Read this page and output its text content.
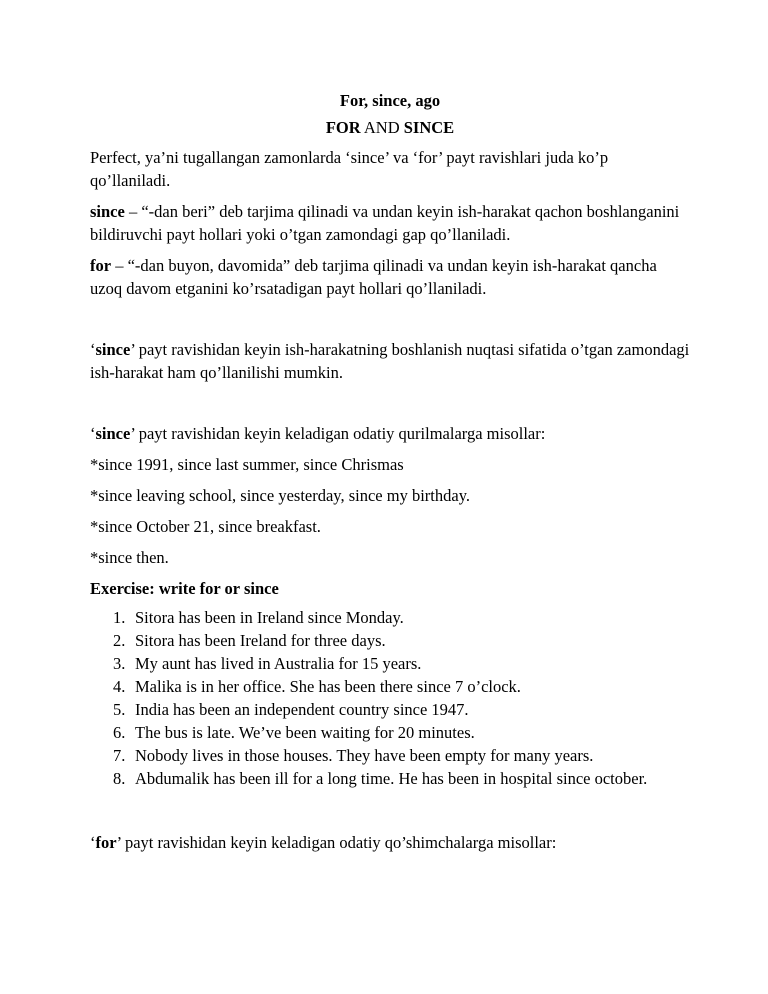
For, since, ago

FOR AND SINCE

Perfect, ya’ni tugallangan zamonlarda ‘since’ va ‘for’ payt ravishlari juda ko’p qo’llaniladi.

since – “-dan beri” deb tarjima qilinadi va undan keyin ish-harakat qachon boshlanganini bildiruvchi payt hollari yoki o’tgan zamondagi gap qo’llaniladi.

for – “-dan buyon, davomida” deb tarjima qilinadi va undan keyin ish-harakat qancha uzoq davom etganini ko’rsatadigan payt hollari qo’llaniladi.

‘since’ payt ravishidan keyin ish-harakatning boshlanish nuqtasi sifatida o’tgan zamondagi ish-harakat ham qo’llanilishi mumkin.

‘since’ payt ravishidan keyin keladigan odatiy qurilmalarga misollar:

*since 1991, since last summer, since Chrismas

*since leaving school, since yesterday, since my birthday.

*since October 21, since breakfast.

*since then.

Exercise: write for or since

1. Sitora has been in Ireland since Monday.
2. Sitora has been Ireland for three days.
3. My aunt has lived in Australia for 15 years.
4. Malika is in her office. She has been there since 7 o’clock.
5. India has been an independent country since 1947.
6. The bus is late. We’ve been waiting for 20 minutes.
7. Nobody lives in those houses. They have been empty for many years.
8. Abdumalik has been ill for a long time. He has been in hospital since october.

‘for’ payt ravishidan keyin keladigan odatiy qo’shimchalarga misollar:
